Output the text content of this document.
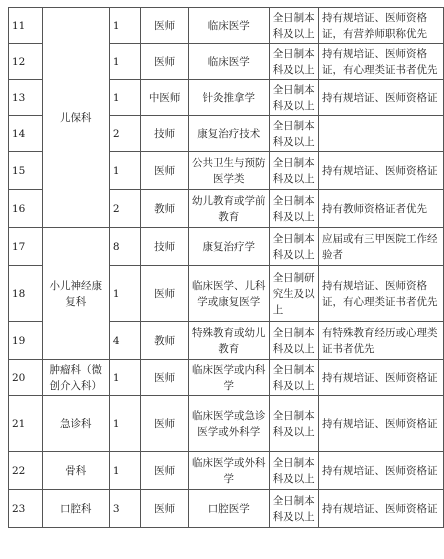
11	儿保科	1	医师	临床医学	全日制本科及以上	持有规培证、医师资格证，有营养师职称优先
12		1	医师	临床医学	全日制本科及以上	持有规培证、医师资格证，有心理类证书者优先
13		1	中医师	针灸推拿学	全日制本科及以上	持有规培证、医师资格证
14		2	技师	康复治疗技术	全日制本科及以上	
15		1	医师	公共卫生与预防医学类	全日制本科及以上	持有规培证、医师资格证
16		2	教师	幼儿教育或学前教育	全日制本科及以上	持有教师资格证者优先
17	小儿神经康复科	8	技师	康复治疗学	全日制本科及以上	应届或有三甲医院工作经验者
18		1	医师	临床医学、儿科学或康复医学	全日制研究生及以上	持有规培证、医师资格证，有心理类证书者优先
19		4	教师	特殊教育或幼儿教育	全日制本科及以上	有特殊教育经历或心理类证书者优先
20	肿瘤科（微创介入科）	1	医师	临床医学或内科学	全日制本科及以上	持有规培证、医师资格证
21	急诊科	1	医师	临床医学或急诊医学或外科学	全日制本科及以上	持有规培证、医师资格证
22	骨科	1	医师	临床医学或外科学	全日制本科及以上	持有规培证、医师资格证
23	口腔科	3	医师	口腔医学	全日制本科及以上	持有规培证、医师资格证
